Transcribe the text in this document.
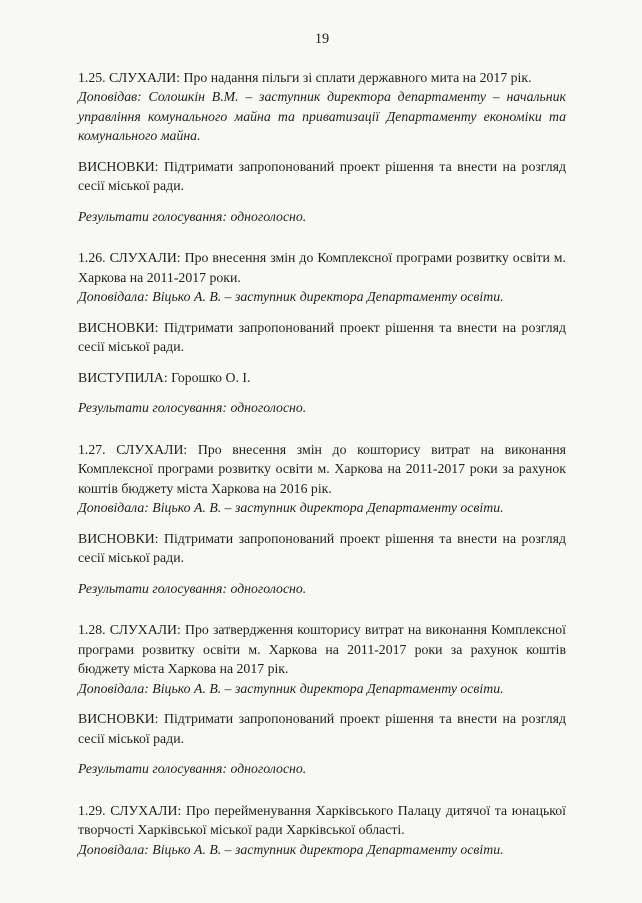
19

1.25. СЛУХАЛИ: Про надання пільги зі сплати державного мита на 2017 рік.

Доповідав: Солошкін В.М. – заступник директора департаменту – начальник управління комунального майна та приватизації Департаменту економіки та комунального майна.

ВИСНОВКИ: Підтримати запропонований проект рішення та внести на розгляд сесії міської ради.

Результати голосування: одноголосно.

1.26. СЛУХАЛИ: Про внесення змін до Комплексної програми розвитку освіти м. Харкова на 2011-2017 роки.

Доповідала: Віцько А. В. – заступник директора Департаменту освіти.

ВИСНОВКИ: Підтримати запропонований проект рішення та внести на розгляд сесії міської ради.

ВИСТУПИЛА: Горошко О. І.

Результати голосування: одноголосно.

1.27. СЛУХАЛИ: Про внесення змін до кошторису витрат на виконання Комплексної програми розвитку освіти м. Харкова на 2011-2017 роки за рахунок коштів бюджету міста Харкова на 2016 рік.

Доповідала: Віцько А. В. – заступник директора Департаменту освіти.

ВИСНОВКИ: Підтримати запропонований проект рішення та внести на розгляд сесії міської ради.

Результати голосування: одноголосно.

1.28. СЛУХАЛИ: Про затвердження кошторису витрат на виконання Комплексної програми розвитку освіти м. Харкова на 2011-2017 роки за рахунок коштів бюджету міста Харкова на 2017 рік.

Доповідала: Віцько А. В. – заступник директора Департаменту освіти.

ВИСНОВКИ: Підтримати запропонований проект рішення та внести на розгляд сесії міської ради.

Результати голосування: одноголосно.

1.29. СЛУХАЛИ: Про перейменування Харківського Палацу дитячої та юнацької творчості Харківської міської ради Харківської області.

Доповідала: Віцько А. В. – заступник директора Департаменту освіти.
